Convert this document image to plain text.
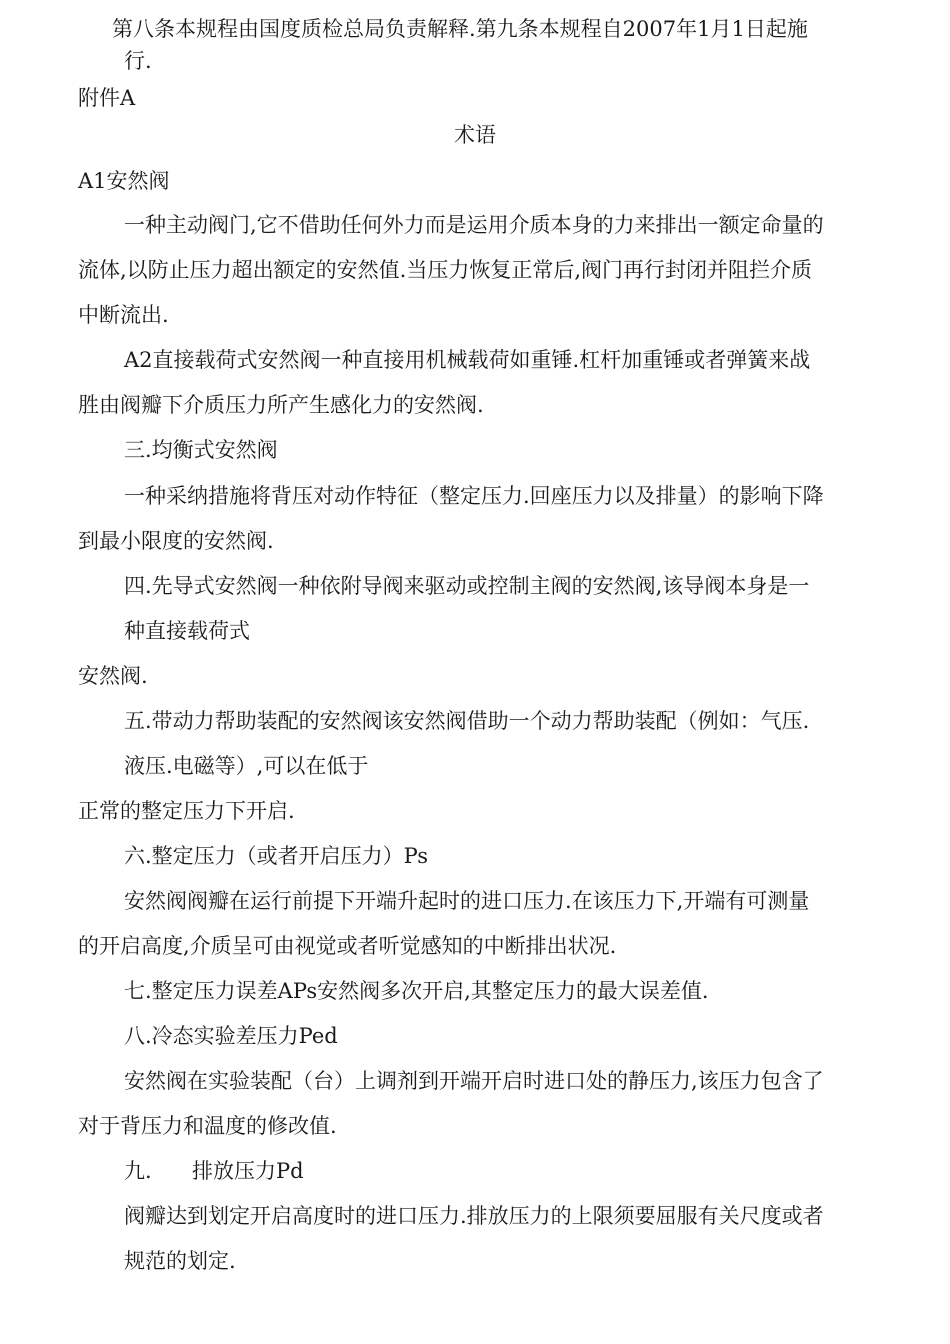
第八条本规程由国度质检总局负责解释.第九条本规程自2007年1月1日起施
行.
附件A
术语
A1安然阀
一种主动阀门,它不借助任何外力而是运用介质本身的力来排出一额定命量的
流体,以防止压力超出额定的安然值.当压力恢复正常后,阀门再行封闭并阻拦介质
中断流出.
A2直接载荷式安然阀一种直接用机械载荷如重锤.杠杆加重锤或者弹簧来战
胜由阀瓣下介质压力所产生感化力的安然阀.
三.均衡式安然阀
一种采纳措施将背压对动作特征（整定压力.回座压力以及排量）的影响下降
到最小限度的安然阀.
四.先导式安然阀一种依附导阀来驱动或控制主阀的安然阀,该导阀本身是一
种直接载荷式
安然阀.
五.带动力帮助装配的安然阀该安然阀借助一个动力帮助装配（例如：气压.
液压.电磁等）,可以在低于
正常的整定压力下开启.
六.整定压力（或者开启压力）Ps
安然阀阀瓣在运行前提下开端升起时的进口压力.在该压力下,开端有可测量
的开启高度,介质呈可由视觉或者听觉感知的中断排出状况.
七.整定压力误差APs安然阀多次开启,其整定压力的最大误差值.
八.冷态实验差压力Ped
安然阀在实验装配（台）上调剂到开端开启时进口处的静压力,该压力包含了
对于背压力和温度的修改值.
九. 排放压力Pd
阀瓣达到划定开启高度时的进口压力.排放压力的上限须要屈服有关尺度或者
规范的划定.
